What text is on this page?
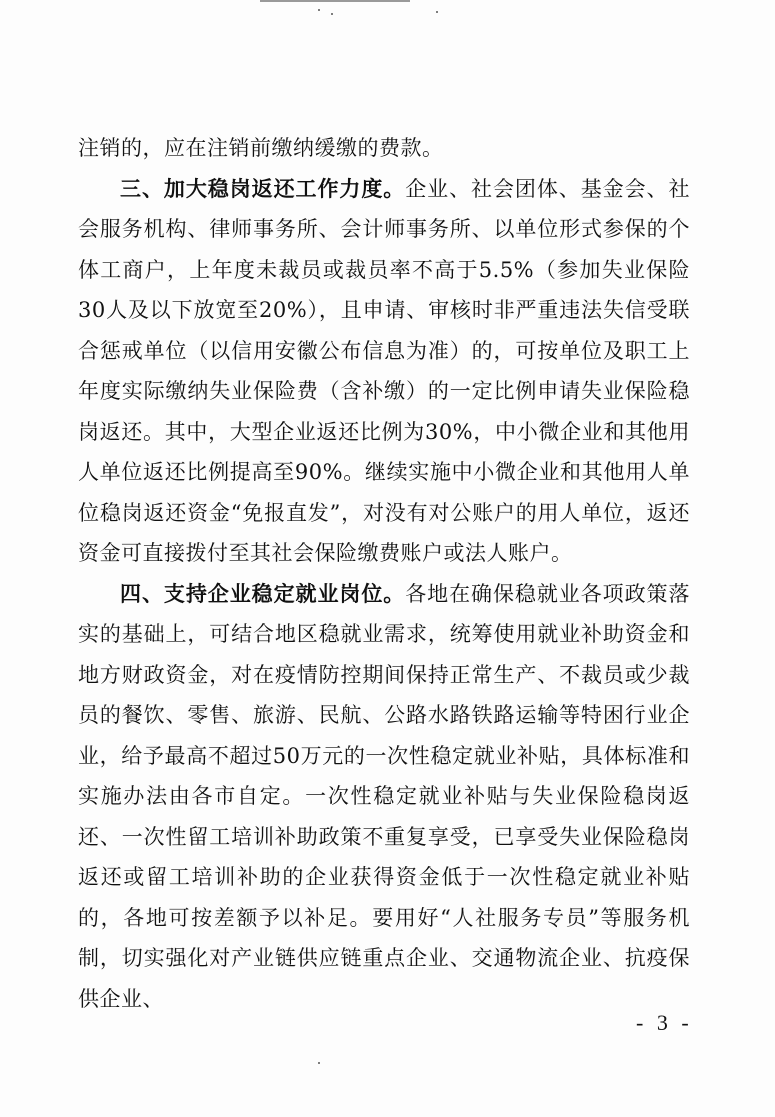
注销的，应在注销前缴纳缓缴的费款。

三、加大稳岗返还工作力度。企业、社会团体、基金会、社会服务机构、律师事务所、会计师事务所、以单位形式参保的个体工商户，上年度未裁员或裁员率不高于5.5%（参加失业保险30人及以下放宽至20%），且申请、审核时非严重违法失信受联合惩戒单位（以信用安徽公布信息为准）的，可按单位及职工上年度实际缴纳失业保险费（含补缴）的一定比例申请失业保险稳岗返还。其中，大型企业返还比例为30%，中小微企业和其他用人单位返还比例提高至90%。继续实施中小微企业和其他用人单位稳岗返还资金“免报直发”，对没有对公账户的用人单位，返还资金可直接拨付至其社会保险缴费账户或法人账户。

四、支持企业稳定就业岗位。各地在确保稳就业各项政策落实的基础上，可结合地区稳就业需求，统筹使用就业补助资金和地方财政资金，对在疫情防控期间保持正常生产、不裁员或少裁员的餐饮、零售、旅游、民航、公路水路铁路运输等特困行业企业，给予最高不超过50万元的一次性稳定就业补贴，具体标准和实施办法由各市自定。一次性稳定就业补贴与失业保险稳岗返还、一次性留工培训补助政策不重复享受，已享受失业保险稳岗返还或留工培训补助的企业获得资金低于一次性稳定就业补贴的，各地可按差额予以补足。要用好“人社服务专员”等服务机制，切实强化对产业链供应链重点企业、交通物流企业、抗疫保供企业、

- 3 -
